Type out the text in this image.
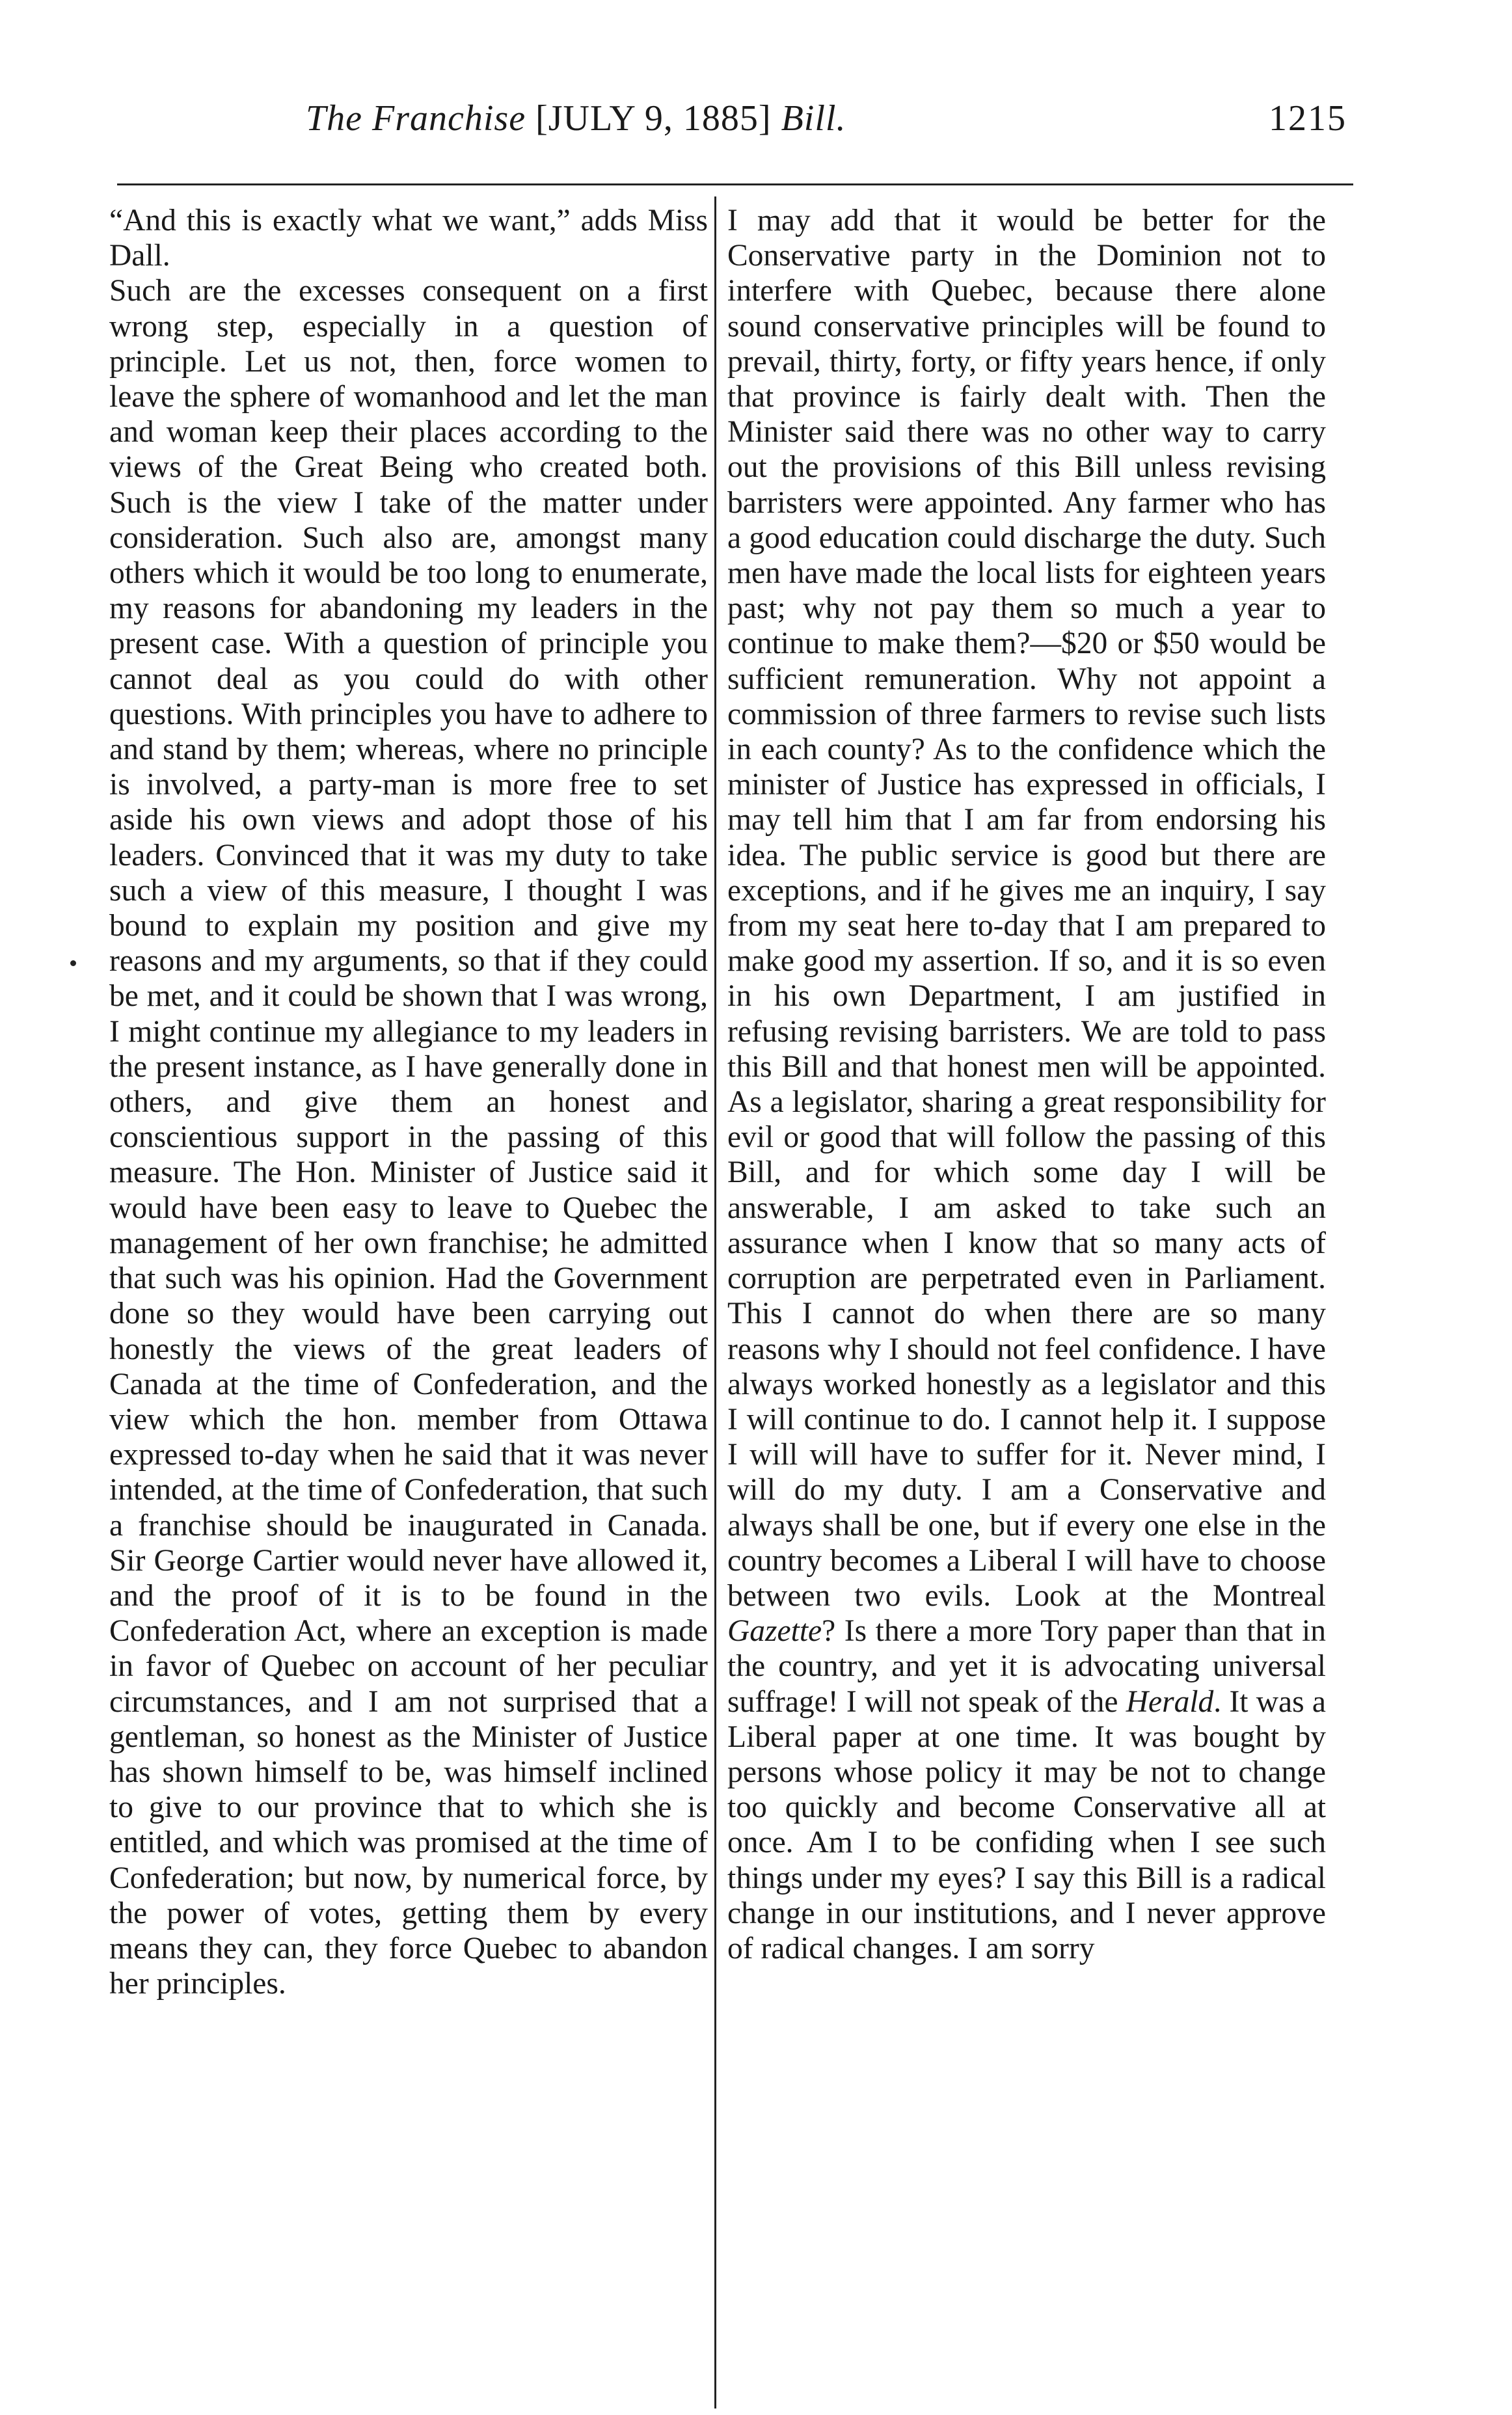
The Franchise [JULY 9, 1885] Bill.	1215

“And this is exactly what we want,” adds Miss Dall.

Such are the excesses consequent on a first wrong step, especially in a question of principle. Let us not, then, force women to leave the sphere of womanhood and let the man and woman keep their places according to the views of the Great Being who created both. Such is the view I take of the matter under consideration. Such also are, amongst many others which it would be too long to enumerate, my reasons for abandoning my leaders in the present case. With a question of principle you cannot deal as you could do with other questions. With principles you have to adhere to and stand by them; whereas, where no principle is involved, a party-man is more free to set aside his own views and adopt those of his leaders. Convinced that it was my duty to take such a view of this measure, I thought I was bound to explain my position and give my reasons and my arguments, so that if they could be met, and it could be shown that I was wrong, I might continue my allegiance to my leaders in the present instance, as I have generally done in others, and give them an honest and conscientious support in the passing of this measure. The Hon. Minister of Justice said it would have been easy to leave to Quebec the management of her own franchise; he admitted that such was his opinion. Had the Government done so they would have been carrying out honestly the views of the great leaders of Canada at the time of Confederation, and the view which the hon. member from Ottawa expressed to-day when he said that it was never intended, at the time of Confederation, that such a franchise should be inaugurated in Canada. Sir George Cartier would never have allowed it, and the proof of it is to be found in the Confederation Act, where an exception is made in favor of Quebec on account of her peculiar circumstances, and I am not surprised that a gentleman, so honest as the Minister of Justice has shown himself to be, was himself inclined to give to our province that to which she is entitled, and which was promised at the time of Confederation; but now, by numerical force, by the power of votes, getting them by every means they can, they force Quebec to abandon her principles.

I may add that it would be better for the Conservative party in the Dominion not to interfere with Quebec, because there alone sound conservative principles will be found to prevail, thirty, forty, or fifty years hence, if only that province is fairly dealt with. Then the Minister said there was no other way to carry out the provisions of this Bill unless revising barristers were appointed. Any farmer who has a good education could discharge the duty. Such men have made the local lists for eighteen years past; why not pay them so much a year to continue to make them?—$20 or $50 would be sufficient remuneration. Why not appoint a commission of three farmers to revise such lists in each county? As to the confidence which the minister of Justice has expressed in officials, I may tell him that I am far from endorsing his idea. The public service is good but there are exceptions, and if he gives me an inquiry, I say from my seat here to-day that I am prepared to make good my assertion. If so, and it is so even in his own Department, I am justified in refusing revising barristers. We are told to pass this Bill and that honest men will be appointed. As a legislator, sharing a great responsibility for evil or good that will follow the passing of this Bill, and for which some day I will be answerable, I am asked to take such an assurance when I know that so many acts of corruption are perpetrated even in Parliament. This I cannot do when there are so many reasons why I should not feel confidence. I have always worked honestly as a legislator and this I will continue to do. I cannot help it. I suppose I will will have to suffer for it. Never mind, I will do my duty. I am a Conservative and always shall be one, but if every one else in the country becomes a Liberal I will have to choose between two evils. Look at the Montreal Gazette? Is there a more Tory paper than that in the country, and yet it is advocating universal suffrage! I will not speak of the Herald. It was a Liberal paper at one time. It was bought by persons whose policy it may be not to change too quickly and become Conservative all at once. Am I to be confiding when I see such things under my eyes? I say this Bill is a radical change in our institutions, and I never approve of radical changes. I am sorry
